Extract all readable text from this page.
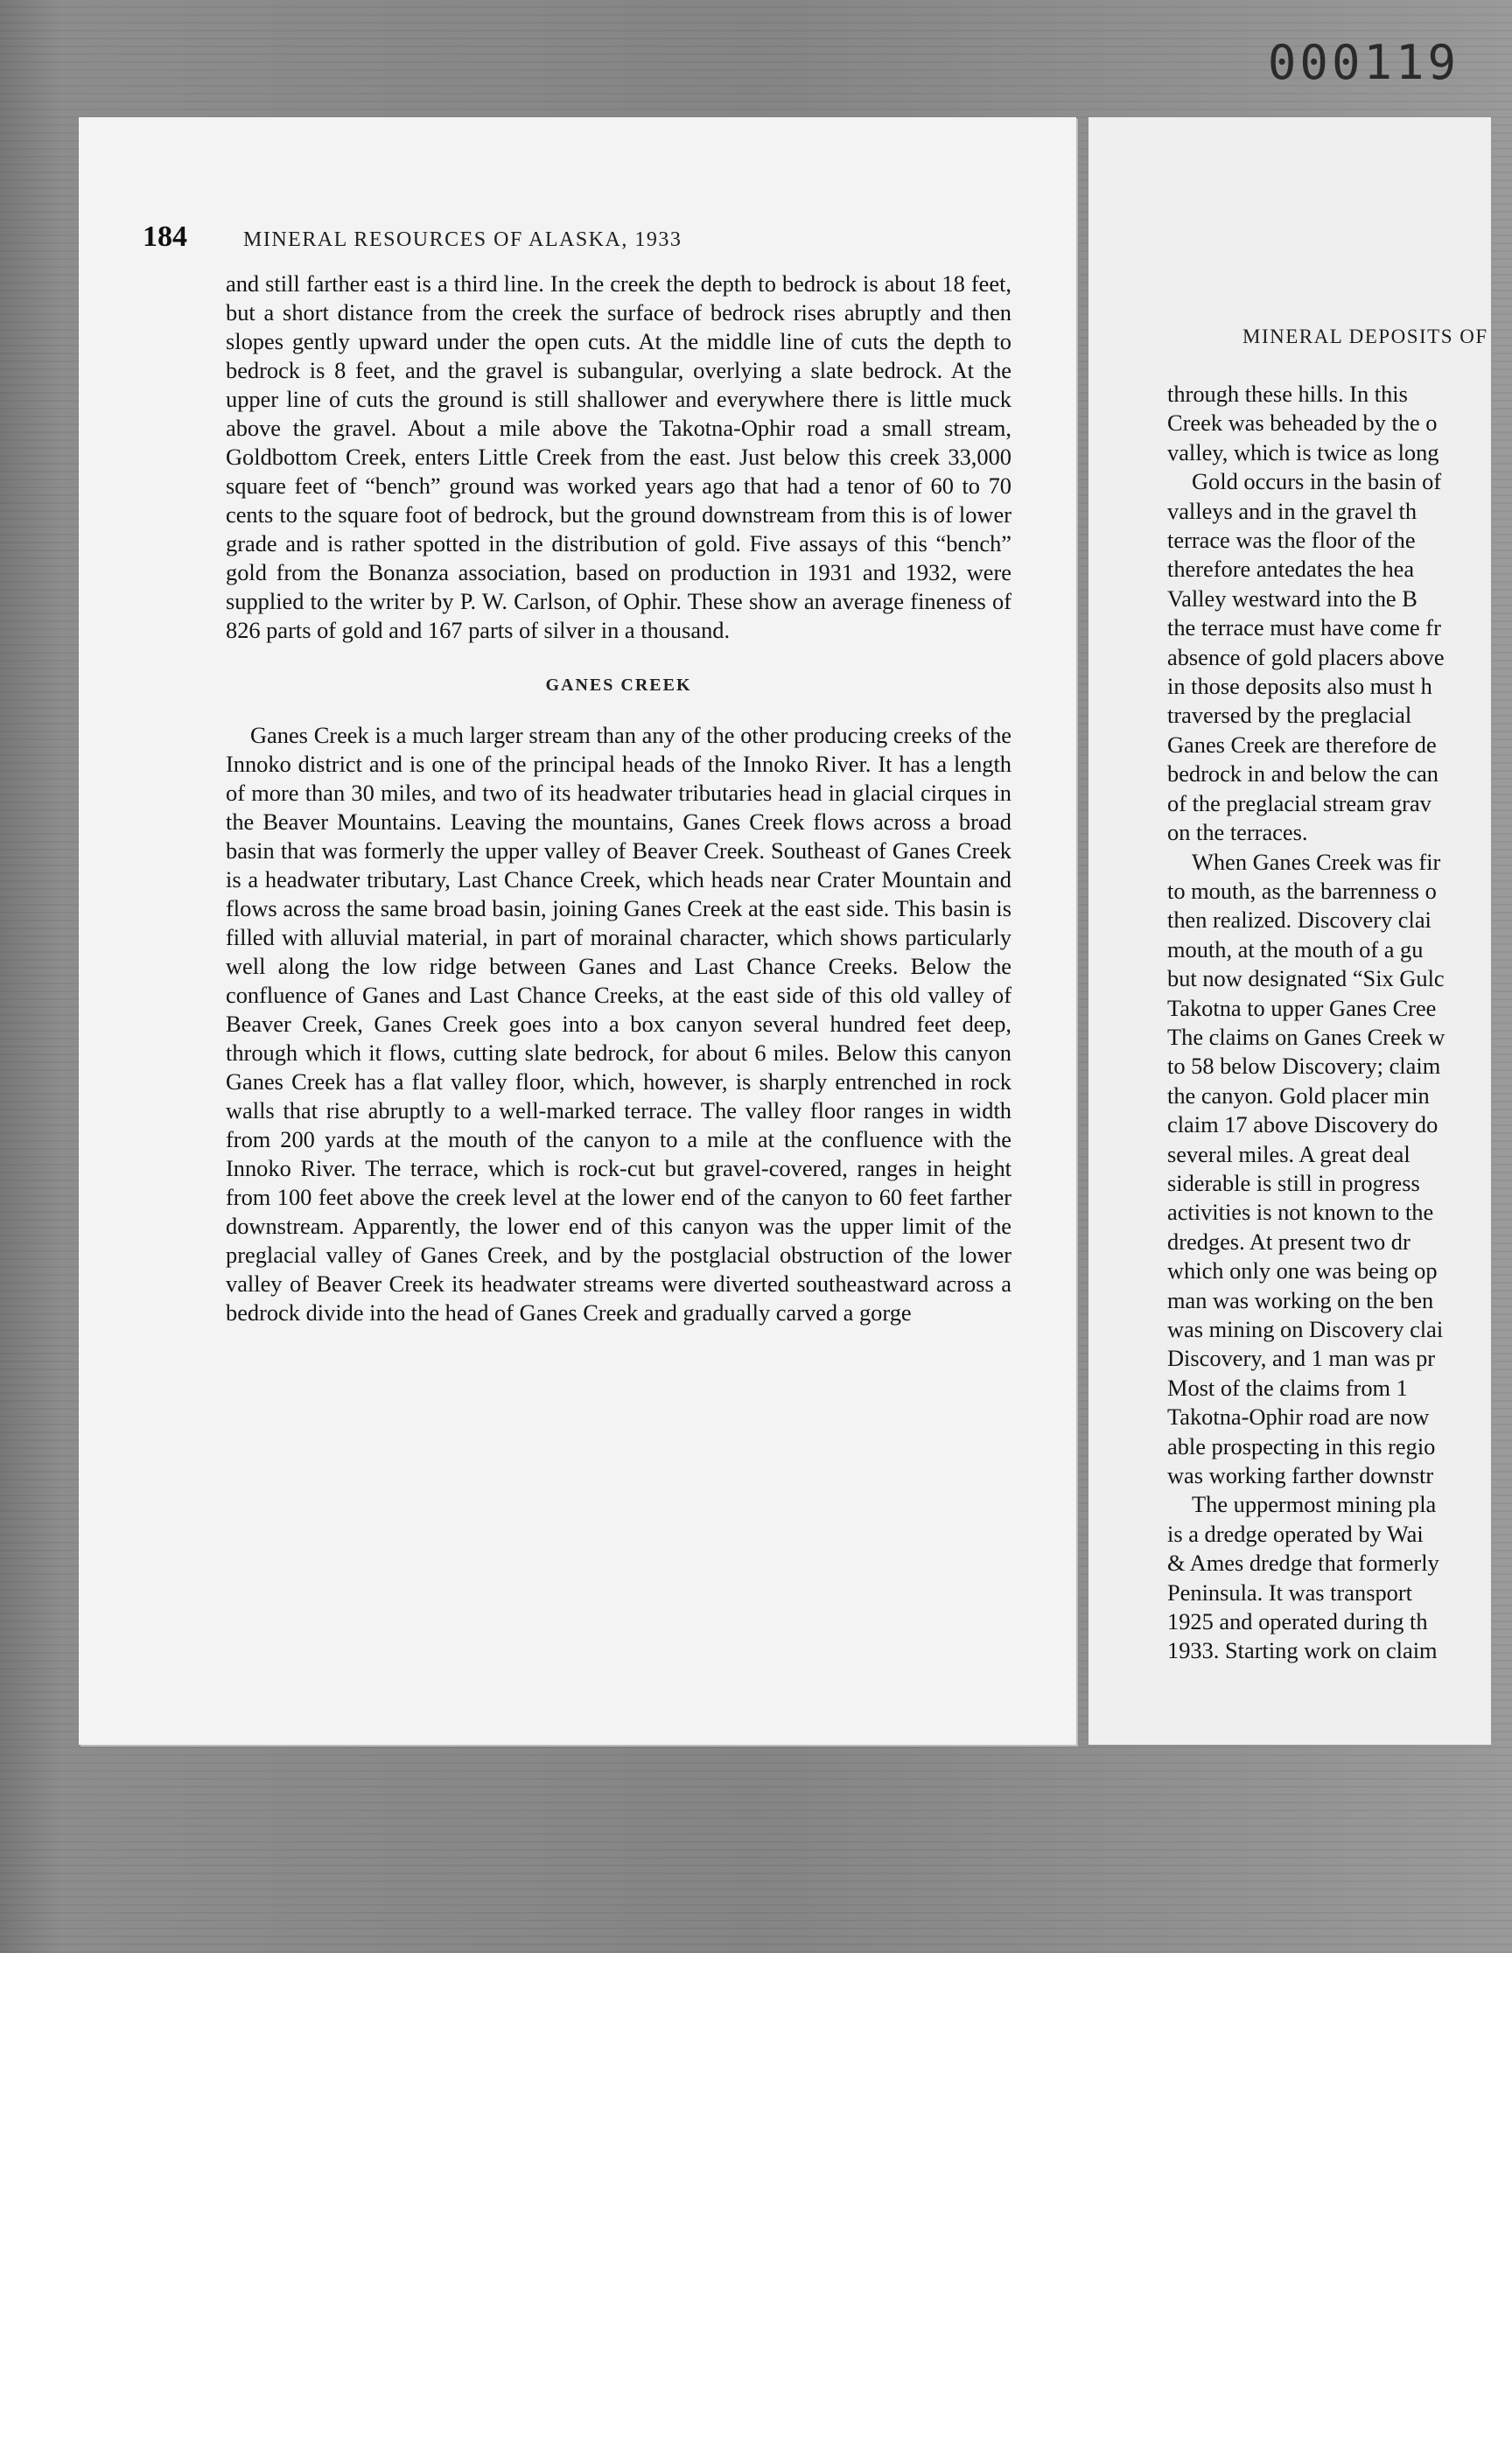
000119
MINERAL DEPOSITS OF
through these hills. In this
Creek was beheaded by the o
valley, which is twice as long
Gold occurs in the basin of
valleys and in the gravel th
terrace was the floor of the
therefore antedates the hea
Valley westward into the B
the terrace must have come fr
absence of gold placers above
in those deposits also must h
traversed by the preglacial
Ganes Creek are therefore de
bedrock in and below the can
of the preglacial stream grav
on the terraces.
When Ganes Creek was fir
to mouth, as the barrenness o
then realized. Discovery clai
mouth, at the mouth of a gu
but now designated “Six Gulc
Takotna to upper Ganes Cree
The claims on Ganes Creek w
to 58 below Discovery; claim
the canyon. Gold placer min
claim 17 above Discovery do
several miles. A great deal
siderable is still in progress
activities is not known to the
dredges. At present two dr
which only one was being op
man was working on the ben
was mining on Discovery clai
Discovery, and 1 man was pr
Most of the claims from 1
Takotna-Ophir road are now
able prospecting in this regio
was working farther downstr
The uppermost mining pla
is a dredge operated by Wai
& Ames dredge that formerly
Peninsula. It was transport
1925 and operated during th
1933. Starting work on claim
184	MINERAL RESOURCES OF ALASKA, 1933

and still farther east is a third line. In the creek the depth to bedrock is about 18 feet, but a short distance from the creek the surface of bedrock rises abruptly and then slopes gently upward under the open cuts. At the middle line of cuts the depth to bedrock is 8 feet, and the gravel is subangular, overlying a slate bedrock. At the upper line of cuts the ground is still shallower and everywhere there is little muck above the gravel. About a mile above the Takotna-Ophir road a small stream, Goldbottom Creek, enters Little Creek from the east. Just below this creek 33,000 square feet of “bench” ground was worked years ago that had a tenor of 60 to 70 cents to the square foot of bedrock, but the ground downstream from this is of lower grade and is rather spotted in the distribution of gold. Five assays of this “bench” gold from the Bonanza association, based on production in 1931 and 1932, were supplied to the writer by P. W. Carlson, of Ophir. These show an average fineness of 826 parts of gold and 167 parts of silver in a thousand.

GANES CREEK

Ganes Creek is a much larger stream than any of the other producing creeks of the Innoko district and is one of the principal heads of the Innoko River. It has a length of more than 30 miles, and two of its headwater tributaries head in glacial cirques in the Beaver Mountains. Leaving the mountains, Ganes Creek flows across a broad basin that was formerly the upper valley of Beaver Creek. Southeast of Ganes Creek is a headwater tributary, Last Chance Creek, which heads near Crater Mountain and flows across the same broad basin, joining Ganes Creek at the east side. This basin is filled with alluvial material, in part of morainal character, which shows particularly well along the low ridge between Ganes and Last Chance Creeks. Below the confluence of Ganes and Last Chance Creeks, at the east side of this old valley of Beaver Creek, Ganes Creek goes into a box canyon several hundred feet deep, through which it flows, cutting slate bedrock, for about 6 miles. Below this canyon Ganes Creek has a flat valley floor, which, however, is sharply entrenched in rock walls that rise abruptly to a well-marked terrace. The valley floor ranges in width from 200 yards at the mouth of the canyon to a mile at the confluence with the Innoko River. The terrace, which is rock-cut but gravel-covered, ranges in height from 100 feet above the creek level at the lower end of the canyon to 60 feet farther downstream. Apparently, the lower end of this canyon was the upper limit of the preglacial valley of Ganes Creek, and by the postglacial obstruction of the lower valley of Beaver Creek its headwater streams were diverted southeastward across a bedrock divide into the head of Ganes Creek and gradually carved a gorge
